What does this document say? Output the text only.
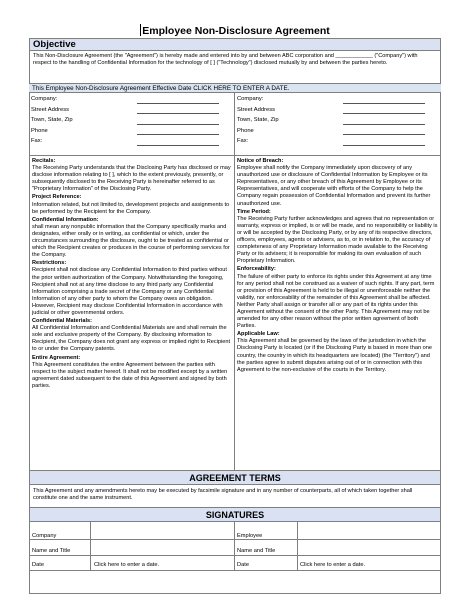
Employee Non-Disclosure Agreement
Objective
This Non-Disclosure Agreement (the "Agreement") is hereby made and entered into by and between ABC corporation and ____________ ("Company") with respect to the handling of Confidential Information for the technology of [ ] ("Technology") disclosed mutually by and between the parties hereto.
This Employee Non-Disclosure Agreement Effective Date CLICK HERE TO ENTER A DATE.
Company:
Street Address
Town, State, Zip
Phone
Fax:
Company:
Street Address
Town, State, Zip
Phone
Fax:

Recitals:

The Receiving Party understands that the Disclosing Party has disclosed or may disclose information relating to [ ], which to the extent previously, presently, or subsequently disclosed to the Receiving Party is hereinafter referred to as "Proprietary Information" of the Disclosing Party.

Project Reference:

Information related, but not limited to, development projects and assignments to be performed by the Recipient for the Company.

Confidential Information:

shall mean any nonpublic information that the Company specifically marks and designates, either orally or in writing, as confidential or which, under the circumstances surrounding the disclosure, ought to be treated as confidential or which the Recipient creates or produces in the course of performing services for the Company.

Restrictions:

Recipient shall not disclose any Confidential Information to third parties without the prior written authorization of the Company. Notwithstanding the foregoing, Recipient shall not at any time disclose to any third party any Confidential Information comprising a trade secret of the Company or any Confidential Information of any other party to whom the Company owes an obligation. However, Recipient may disclose Confidential Information in accordance with judicial or other governmental orders.

Confidential Materials:

All Confidential Information and Confidential Materials are and shall remain the sole and exclusive property of the Company. By disclosing information to Recipient, the Company does not grant any express or implied right to Recipient to or under the Company patents.

Entire Agreement:

This Agreement constitutes the entire Agreement between the parties with respect to the subject matter hereof. It shall not be modified except by a written agreement dated subsequent to the date of this Agreement and signed by both parties.

Notice of Breach:

Employee shall notify the Company immediately upon discovery of any unauthorized use or disclosure of Confidential Information by Employee or its Representatives, or any other breach of this Agreement by Employee or its Representatives, and will cooperate with efforts of the Company to help the Company regain possession of Confidential Information and prevent its further unauthorized use.

Time Period:

The Receiving Party further acknowledges and agrees that no representation or warranty, express or implied, is or will be made, and no responsibility or liability is or will be accepted by the Disclosing Party, or by any of its respective directors, officers, employees, agents or advisers, as to, or in relation to, the accuracy of completeness of any Proprietary Information made available to the Receiving Party or its advisers; it is responsible for making its own evaluation of such Proprietary Information.

Enforceability:

The failure of either party to enforce its rights under this Agreement at any time for any period shall not be construed as a waiver of such rights. If any part, term or provision of this Agreement is held to be illegal or unenforceable neither the validity, nor enforceability of the remainder of this Agreement shall be affected. Neither Party shall assign or transfer all or any part of its rights under this Agreement without the consent of the other Party. This Agreement may not be amended for any other reason without the prior written agreement of both Parties.

Applicable Law:

This Agreement shall be governed by the laws of the jurisdiction in which the Disclosing Party is located (or if the Disclosing Party is based in more than one country, the country in which its headquarters are located) (the "Territory") and the parties agree to submit disputes arising out of or in connection with this Agreement to the non-exclusive of the courts in the Territory.

AGREEMENT TERMS
This Agreement and any amendments hereto may be executed by facsimile signature and in any number of counterparts, all of which taken together shall constitute one and the same instrument.
SIGNATURES
Company
Name and Title
Date	Click here to enter a date.
Employee
Name and Title
Date	Click here to enter a date.
